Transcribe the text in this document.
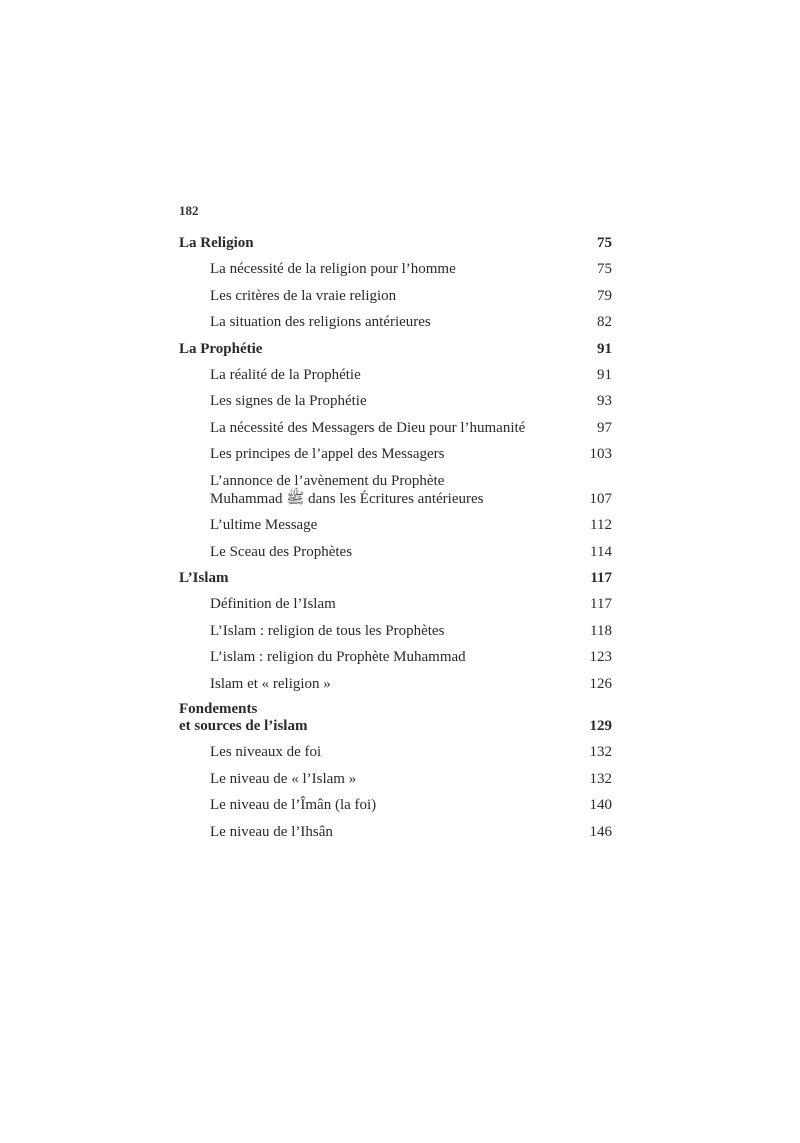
182
La Religion	75
La nécessité de la religion pour l’homme	75
Les critères de la vraie religion	79
La situation des religions antérieures	82
La Prophétie	91
La réalité de la Prophétie	91
Les signes de la Prophétie	93
La nécessité des Messagers de Dieu pour l’humanité	97
Les principes de l’appel des Messagers	103
L’annonce de l’avènement du Prophète
Muhammad ﷺ dans les Écritures antérieures	107
L’ultime Message	112
Le Sceau des Prophètes	114
L’Islam	117
Définition de l’Islam	117
L’Islam : religion de tous les Prophètes	118
L’islam : religion du Prophète Muhammad	123
Islam et « religion »	126
Fondements
et sources de l’islam	129
Les niveaux de foi	132
Le niveau de « l’Islam »	132
Le niveau de l’Îmân (la foi)	140
Le niveau de l’Ihsân	146
